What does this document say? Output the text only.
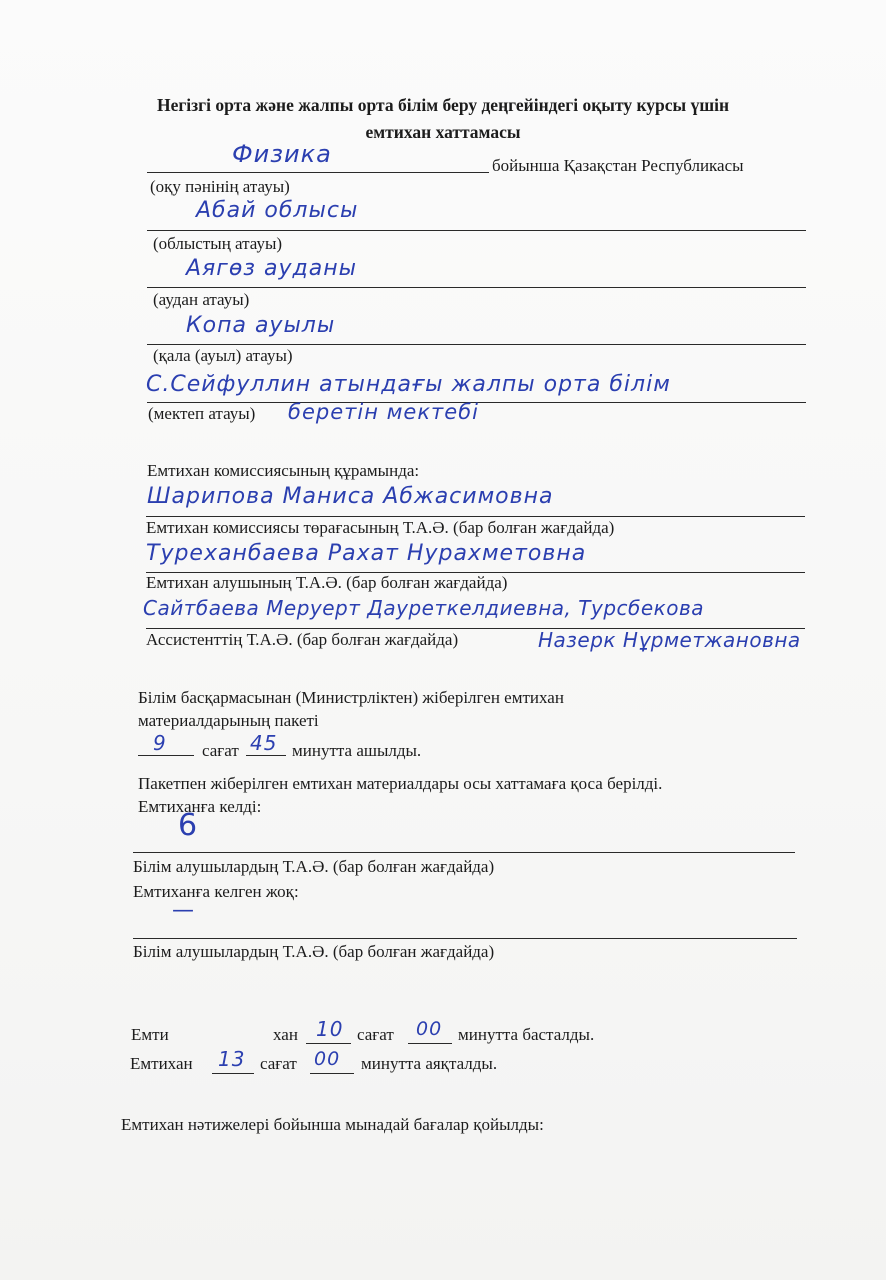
Негізгі орта және жалпы орта білім беру деңгейіндегі оқыту курсы үшін
емтихан хаттамасы
Физика	бойынша Қазақстан Республикасы
(оқу пәнінің атауы)
Абай облысы
(облыстың атауы)
Аягөз ауданы
(аудан атауы)
Копа ауылы
(қала (ауыл) атауы)
С.Сейфуллин атындағы жалпы орта білім
(мектеп атауы) беретін мектебі
Емтихан комиссиясының құрамында:
Шарипова Маниса Абжасимовна
Емтихан комиссиясы төрағасының Т.А.Ә. (бар болған жағдайда)
Туреханбаева Рахат Нурахметовна
Емтихан алушының Т.А.Ә. (бар болған жағдайда)
Сайтбаева Меруерт Дауреткелдиевна, Турсбекова
Ассистенттің Т.А.Ә. (бар болған жағдайда)	Назерк Нұрметжановна
Білім басқармасынан (Министрліктен) жіберілген емтихан
материалдарының пакеті
9 сағат 45 минутта ашылды.
Пакетпен жіберілген емтихан материалдары осы хаттамаға қоса берілді.
Емтиханға келді:
6
Білім алушылардың Т.А.Ә. (бар болған жағдайда)
Емтиханға келген жоқ:
—
Білім алушылардың Т.А.Ә. (бар болған жағдайда)
Емти	хан 10 сағат 00 минутта басталды.
Емтихан 13 сағат 00 минутта аяқталды.
Емтихан нәтижелері бойынша мынадай бағалар қойылды:
